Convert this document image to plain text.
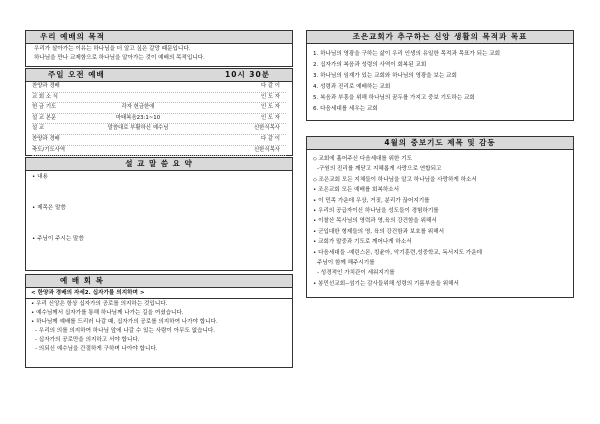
우리 예배의 목적
우리가 살아가는 이유는 하나님을 더 알고 싶은 갈망 때문입니다.
하나님을 만나 교제함으로 하나님을 알아가는 것이 예배의 목적입니다.
주일 오전 예배	10시 30분
찬양과 경배	다 같 이
교 회 소 식	인 도 자
헌 금 기도	각자 헌금한에	인 도 자
설 교 본문	마태복음23:1~10	인 도 자
설 교	말씀대로 부활하신 예수님	신한식목사
찬양과 경배	다 같 이
축도/기도사역	신한식목사
설 교 말 씀 요 약
• 내용
• 제목은 말씀
• 주님이 주시는 말씀
예 배 회 복
< 한양과 경배의 자세2. 십자가를 의지하며 >
• 우리 신앙은 항상 십자가의 공로를 의지하는 것입니다.
• 예수님께서 십자가를 통해 하나님께 나가는 길을 여셨습니다.
• 하나님께 예배를 드리러 나갈 때, 십자가의 공로를 의지하여 나가야 합니다.
- 우리의 의를 의지하여 하나님 앞에 나갈 수 있는 사람이 아무도 없습니다.
- 십자가의 공로만을 의지하고 서야 합니다.
- 의되신 예수님을 간절하게 구하며 나아야 합니다.
조은교회가 추구하는 신앙 생활의 목적과 목표
1. 하나님의 영광을 구하는 삶이 우리 인생의 유일한 목적과 목표가 되는 교회
2. 십자가의 복음과 성령의 사역이 회복된 교회
3. 하나님의 임재가 있는 교회와 하나님의 영광을 보는 교회
4. 성령과 진리로 예배하는 교회
5. 복음과 부흥을 위해 하나님의 꿈두를 가지고 중보 기도하는 교회
6. 다음세대를 세우는 교회
4월의 중보기도 제목 및 감동
◇ 교회에 흘어주신 다음세대를 위한 기도
-구원의 진리를 깨닫고 지혜롭게 사랑으로 연합되고
◇ 조은교회 모든 지체들이 하나님을 알고 하나님을 사랑하게 하소서
• 조은교회 모든 예배를 회복하소서
• 이 민족 가운데 우상, 거짓, 분리가 끊어지기를
• 우리의 공급자이신 하나님을 성도들이 경험하기를
• 이찰산 목사님의 영력과 영,육의 강건함을 위해서
• 군입대한 형제들의 영, 육의 강건함과 보호를 위해서
• 교회가 말중과 기도로 깨어나게 하소서
• 다음세대들 -예린스몬, 킹윤아, 악기훈련,성중학교, 독서지도 가운데
주님이 함께 해주시기를
- 성경적인 가치관이 세워지기를
• 봉민선교회--섬기는 감사들위해 성령의 기름부음을 위해서
